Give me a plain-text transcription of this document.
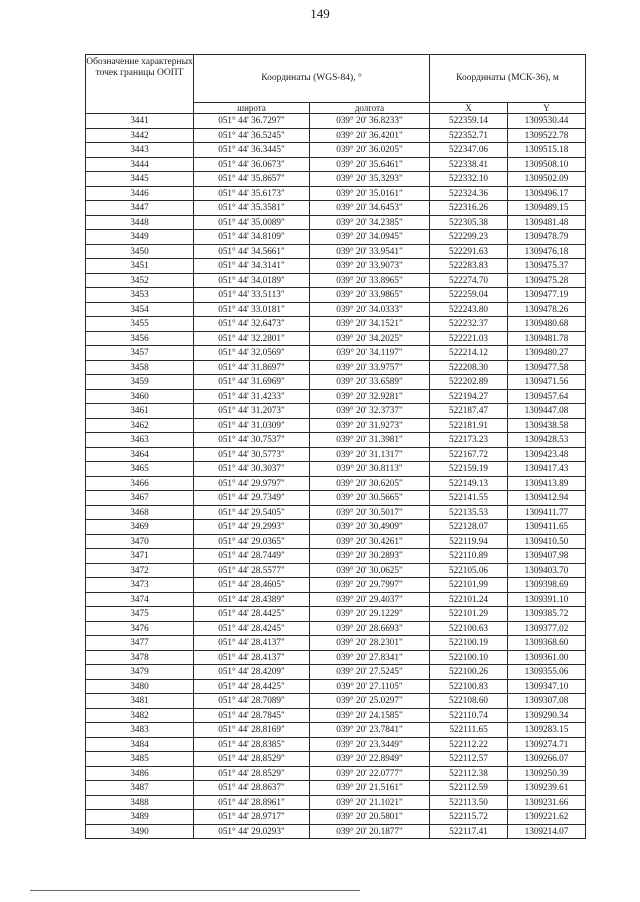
149
Обозначение характерных точек границы ООПТ	Координаты (WGS-84), °		Координаты (МСК-36), м	
	широта	долгота	X	Y
3441	051° 44' 36.7297"	039° 20' 36.8233"	522359.14	1309530.44
3442	051° 44' 36.5245"	039° 20' 36.4201"	522352.71	1309522.78
3443	051° 44' 36.3445"	039° 20' 36.0205"	522347.06	1309515.18
3444	051° 44' 36.0673"	039° 20' 35.6461"	522338.41	1309508.10
3445	051° 44' 35.8657"	039° 20' 35.3293"	522332.10	1309502.09
3446	051° 44' 35.6173"	039° 20' 35.0161"	522324.36	1309496.17
3447	051° 44' 35.3581"	039° 20' 34.6453"	522316.26	1309489.15
3448	051° 44' 35.0089"	039° 20' 34.2385"	522305.38	1309481.48
3449	051° 44' 34.8109"	039° 20' 34.0945"	522299.23	1309478.79
3450	051° 44' 34.5661"	039° 20' 33.9541"	522291.63	1309476.18
3451	051° 44' 34.3141"	039° 20' 33.9073"	522283.83	1309475.37
3452	051° 44' 34.0189"	039° 20' 33.8965"	522274.70	1309475.28
3453	051° 44' 33.5113"	039° 20' 33.9865"	522259.04	1309477.19
3454	051° 44' 33.0181"	039° 20' 34.0333"	522243.80	1309478.26
3455	051° 44' 32.6473"	039° 20' 34.1521"	522232.37	1309480.68
3456	051° 44' 32.2801"	039° 20' 34.2025"	522221.03	1309481.78
3457	051° 44' 32.0569"	039° 20' 34.1197"	522214.12	1309480.27
3458	051° 44' 31.8697"	039° 20' 33.9757"	522208.30	1309477.58
3459	051° 44' 31.6969"	039° 20' 33.6589"	522202.89	1309471.56
3460	051° 44' 31.4233"	039° 20' 32.9281"	522194.27	1309457.64
3461	051° 44' 31.2073"	039° 20' 32.3737"	522187.47	1309447.08
3462	051° 44' 31.0309"	039° 20' 31.9273"	522181.91	1309438.58
3463	051° 44' 30.7537"	039° 20' 31.3981"	522173.23	1309428.53
3464	051° 44' 30.5773"	039° 20' 31.1317"	522167.72	1309423.48
3465	051° 44' 30.3037"	039° 20' 30.8113"	522159.19	1309417.43
3466	051° 44' 29.9797"	039° 20' 30.6205"	522149.13	1309413.89
3467	051° 44' 29.7349"	039° 20' 30.5665"	522141.55	1309412.94
3468	051° 44' 29.5405"	039° 20' 30.5017"	522135.53	1309411.77
3469	051° 44' 29.2993"	039° 20' 30.4909"	522128.07	1309411.65
3470	051° 44' 29.0365"	039° 20' 30.4261"	522119.94	1309410.50
3471	051° 44' 28.7449"	039° 20' 30.2893"	522110.89	1309407.98
3472	051° 44' 28.5577"	039° 20' 30.0625"	522105.06	1309403.70
3473	051° 44' 28.4605"	039° 20' 29.7997"	522101.99	1309398.69
3474	051° 44' 28.4389"	039° 20' 29.4037"	522101.24	1309391.10
3475	051° 44' 28.4425"	039° 20' 29.1229"	522101.29	1309385.72
3476	051° 44' 28.4245"	039° 20' 28.6693"	522100.63	1309377.02
3477	051° 44' 28.4137"	039° 20' 28.2301"	522100.19	1309368.60
3478	051° 44' 28.4137"	039° 20' 27.8341"	522100.10	1309361.00
3479	051° 44' 28.4209"	039° 20' 27.5245"	522100.26	1309355.06
3480	051° 44' 28.4425"	039° 20' 27.1105"	522100.83	1309347.10
3481	051° 44' 28.7089"	039° 20' 25.0297"	522108.60	1309307.08
3482	051° 44' 28.7845"	039° 20' 24.1585"	522110.74	1309290.34
3483	051° 44' 28.8169"	039° 20' 23.7841"	522111.65	1309283.15
3484	051° 44' 28.8385"	039° 20' 23.3449"	522112.22	1309274.71
3485	051° 44' 28.8529"	039° 20' 22.8949"	522112.57	1309266.07
3486	051° 44' 28.8529"	039° 20' 22.0777"	522112.38	1309250.39
3487	051° 44' 28.8637"	039° 20' 21.5161"	522112.59	1309239.61
3488	051° 44' 28.8961"	039° 20' 21.1021"	522113.50	1309231.66
3489	051° 44' 28.9717"	039° 20' 20.5801"	522115.72	1309221.62
3490	051° 44' 29.0293"	039° 20' 20.1877"	522117.41	1309214.07
